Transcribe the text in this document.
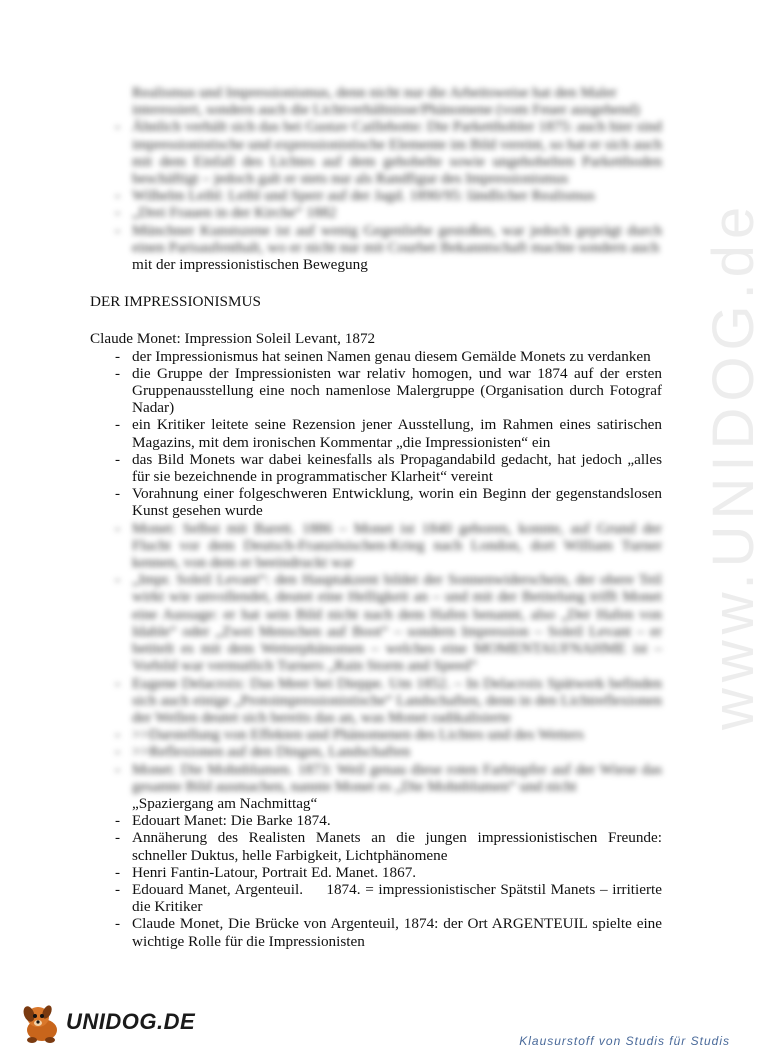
www.UNIDOG.de
Realismus und Impressionismus, denn nicht nur die Arbeitsweise hat den Maler interessiert, sondern auch die Lichtverhältnisse/Phänomene (vom Feuer ausgehend)
- Ähnlich verhält sich das bei Gustav Caillebotte: Die Parketthobler 1875: auch hier sind impressionistische und expressionistische Elemente im Bild vereint, so hat er sich auch mit dem Einfall des Lichtes auf dem gehobelte sowie ungehobelten Parkettboden beschäftigt – jedoch galt er stets nur als Randfigur des Impressionismus
- Wilhelm Leibl: Leibl und Sperr auf der Jagd. 1890/95: ländlicher Realismus
- „Drei Frauen in der Kirche“ 1882
- Münchner Kunstszene ist auf wenig Gegenliebe gestoßen, war jedoch geprägt durch einen Parisaufenthalt, wo er nicht nur mit Courbet Bekanntschaft machte sondern auch
mit der impressionistischen Bewegung
DER IMPRESSIONISMUS
Claude Monet: Impression Soleil Levant, 1872
- der Impressionismus hat seinen Namen genau diesem Gemälde Monets zu verdanken
- die Gruppe der Impressionisten war relativ homogen, und war 1874 auf der ersten Gruppenausstellung eine noch namenlose Malergruppe (Organisation durch Fotograf Nadar)
- ein Kritiker leitete seine Rezension jener Ausstellung, im Rahmen eines satirischen Magazins, mit dem ironischen Kommentar „die Impressionisten“ ein
- das Bild Monets war dabei keinesfalls als Propagandabild gedacht, hat jedoch „alles für sie bezeichnende in programmatischer Klarheit“ vereint
- Vorahnung einer folgeschweren Entwicklung, worin ein Beginn der gegenstandslosen Kunst gesehen wurde
- Monet: Selbst mit Barett. 1886 – Monet ist 1840 geboren, konnte, auf Grund der Flucht vor dem Deutsch-Französischen-Krieg nach London, dort William Turner kennen, von dem er beeindruckt war
- „Impr. Soleil Levant“: den Hauptakzent bildet der Sonnenwiderschein, der obere Teil wirkt wie unvollendet, deutet eine Helligkeit an – und mit der Betitelung trifft Monet eine Aussage: er hat sein Bild nicht nach dem Hafen benannt, also „Der Hafen von Idable“ oder „Zwei Menschen auf Boot“ – sondern Impression – Soleil Levant – er betitelt es mit dem Wetterphänomen – welches eine MOMENTAUFNAHME ist – Vorbild war vermutlich Turners „Rain Storm and Speed“
- Eugene Delacroix: Das Meer bei Dieppe. Um 1852. – In Delacroix Spätwerk befinden sich auch einige „Protoimpressionistische“ Landschaften, denn in den Lichtreflexionen der Wellen deutet sich bereits das an, was Monet radikalisierte
- >>Darstellung von Effekten und Phänomenen des Lichtes und des Wetters
- >>Reflexionen auf den Dingen, Landschaften
- Monet: Die Mohnblumen. 1873: Weil genau diese roten Farbtupfer auf der Wiese das gesamte Bild ausmachen, nannte Monet es „Die Mohnblumen“ und nicht
„Spaziergang am Nachmittag“
- Edouart Manet: Die Barke 1874.
- Annäherung des Realisten Manets an die jungen impressionistischen Freunde: schneller Duktus, helle Farbigkeit, Lichtphänomene
- Henri Fantin-Latour, Portrait Ed. Manet. 1867.
- Edouard Manet, Argenteuil.     1874. = impressionistischer Spätstil Manets – irritierte die Kritiker
- Claude Monet, Die Brücke von Argenteuil, 1874: der Ort ARGENTEUIL spielte eine wichtige Rolle für die Impressionisten
UNIDOG.DE
Klausurstoff von Studis für Studis
